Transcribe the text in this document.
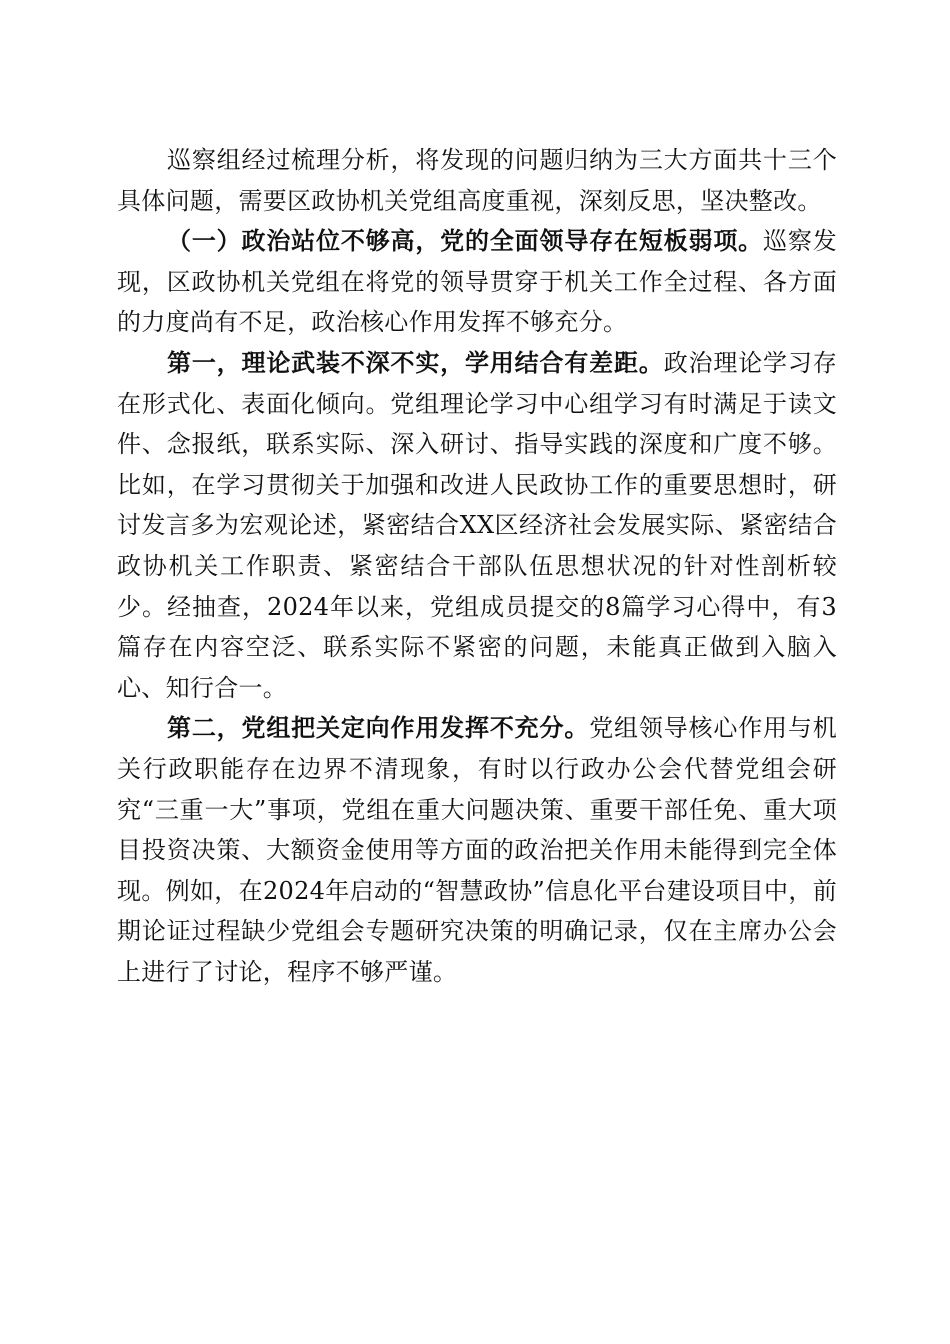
巡察组经过梳理分析，将发现的问题归纳为三大方面共十三个具体问题，需要区政协机关党组高度重视，深刻反思，坚决整改。

（一）政治站位不够高，党的全面领导存在短板弱项。巡察发现，区政协机关党组在将党的领导贯穿于机关工作全过程、各方面的力度尚有不足，政治核心作用发挥不够充分。

第一，理论武装不深不实，学用结合有差距。政治理论学习存在形式化、表面化倾向。党组理论学习中心组学习有时满足于读文件、念报纸，联系实际、深入研讨、指导实践的深度和广度不够。比如，在学习贯彻关于加强和改进人民政协工作的重要思想时，研讨发言多为宏观论述，紧密结合XX区经济社会发展实际、紧密结合政协机关工作职责、紧密结合干部队伍思想状况的针对性剖析较少。经抽查，2024年以来，党组成员提交的8篇学习心得中，有3篇存在内容空泛、联系实际不紧密的问题，未能真正做到入脑入心、知行合一。

第二，党组把关定向作用发挥不充分。党组领导核心作用与机关行政职能存在边界不清现象，有时以行政办公会代替党组会研究“三重一大”事项，党组在重大问题决策、重要干部任免、重大项目投资决策、大额资金使用等方面的政治把关作用未能得到完全体现。例如，在2024年启动的“智慧政协”信息化平台建设项目中，前期论证过程缺少党组会专题研究决策的明确记录，仅在主席办公会上进行了讨论，程序不够严谨。
